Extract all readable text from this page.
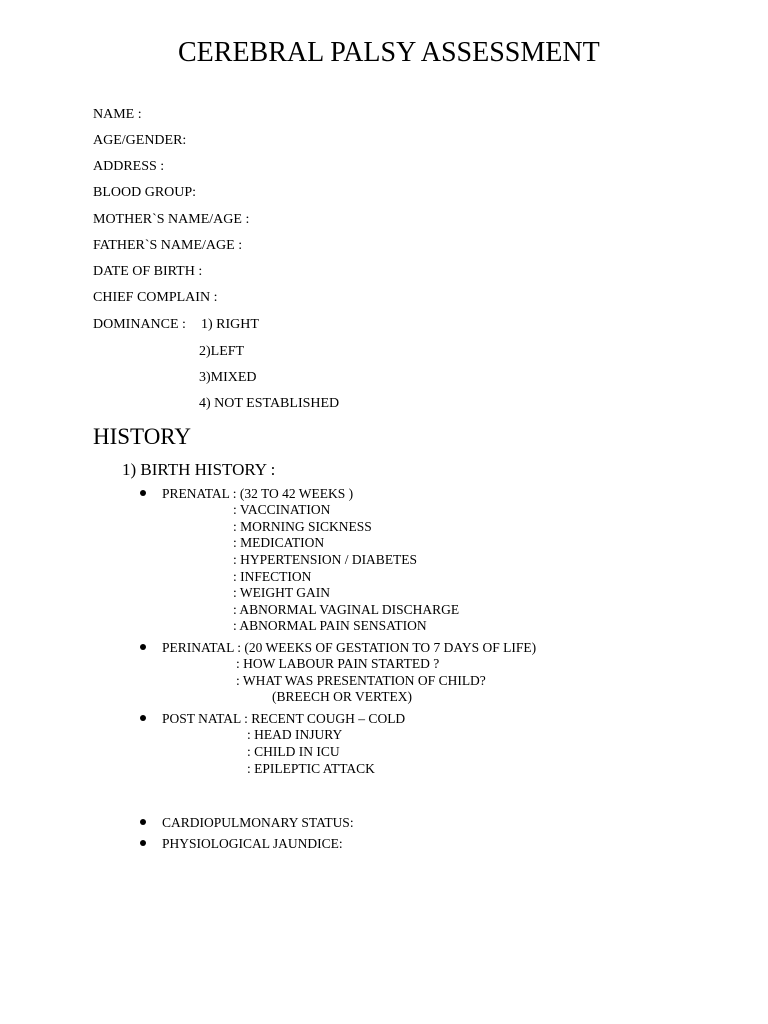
CEREBRAL PALSY ASSESSMENT
NAME :
AGE/GENDER:
ADDRESS :
BLOOD GROUP:
MOTHER`S NAME/AGE :
FATHER`S NAME/AGE :
DATE OF BIRTH :
CHIEF COMPLAIN :
DOMINANCE : 1) RIGHT
2)LEFT
3)MIXED
4) NOT ESTABLISHED
HISTORY
1) BIRTH HISTORY :
PRENATAL : (32 TO 42 WEEKS )
: VACCINATION
: MORNING SICKNESS
: MEDICATION
: HYPERTENSION / DIABETES
: INFECTION
: WEIGHT GAIN
: ABNORMAL VAGINAL DISCHARGE
: ABNORMAL PAIN SENSATION
PERINATAL : (20 WEEKS OF GESTATION TO 7 DAYS OF LIFE)
: HOW LABOUR PAIN STARTED ?
: WHAT WAS PRESENTATION OF CHILD?
(BREECH OR VERTEX)
POST NATAL : RECENT COUGH – COLD
: HEAD INJURY
: CHILD IN ICU
: EPILEPTIC ATTACK
CARDIOPULMONARY STATUS:
PHYSIOLOGICAL JAUNDICE:
